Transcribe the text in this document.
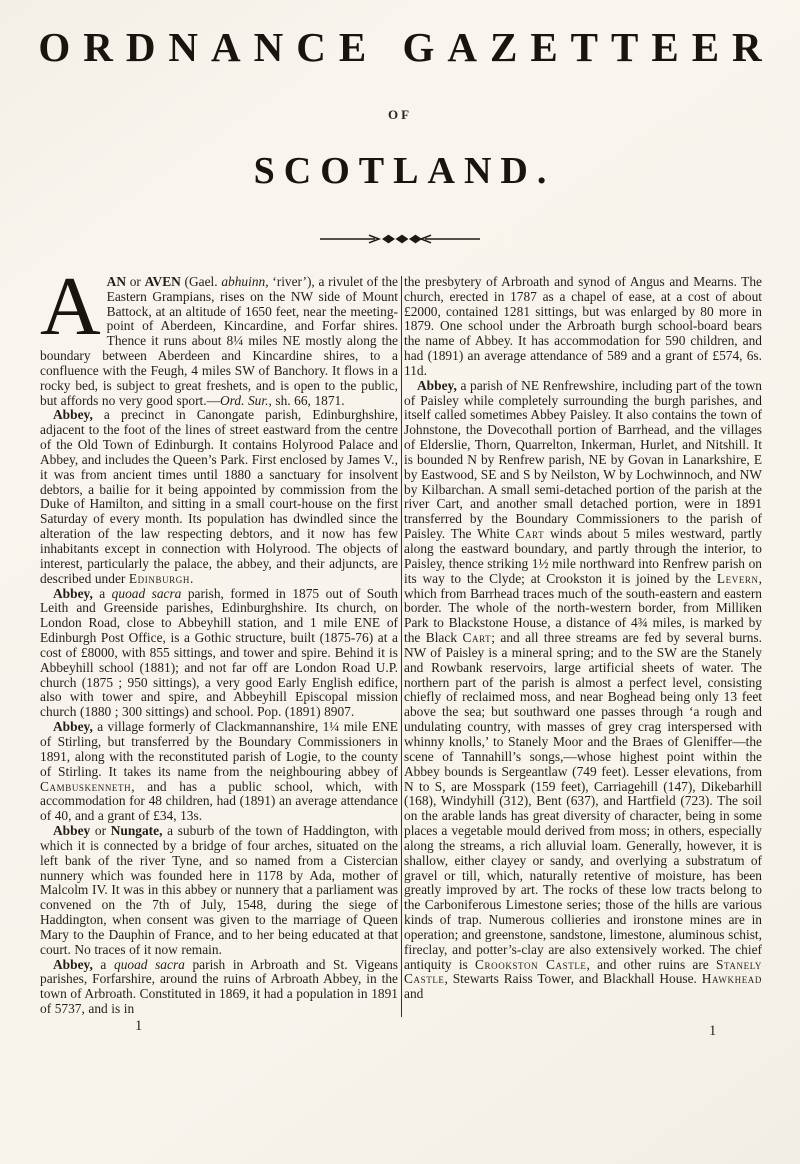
ORDNANCE GAZETTEER
OF
SCOTLAND.

AAN or AVEN (Gael. abhuinn, ‘river’), a rivulet of the Eastern Grampians, rises on the NW side of Mount Battock, at an altitude of 1650 feet, near the meeting-point of Aberdeen, Kincardine, and Forfar shires. Thence it runs about 8¼ miles NE mostly along the boundary between Aberdeen and Kincardine shires, to a confluence with the Feugh, 4 miles SW of Banchory. It flows in a rocky bed, is subject to great freshets, and is open to the public, but affords no very good sport.—Ord. Sur., sh. 66, 1871.

Abbey, a precinct in Canongate parish, Edinburghshire, adjacent to the foot of the lines of street eastward from the centre of the Old Town of Edinburgh. It contains Holyrood Palace and Abbey, and includes the Queen’s Park. First enclosed by James V., it was from ancient times until 1880 a sanctuary for insolvent debtors, a bailie for it being appointed by commission from the Duke of Hamilton, and sitting in a small court-house on the first Saturday of every month. Its population has dwindled since the alteration of the law respecting debtors, and it now has few inhabitants except in connection with Holyrood. The objects of interest, particularly the palace, the abbey, and their adjuncts, are described under Edinburgh.

Abbey, a quoad sacra parish, formed in 1875 out of South Leith and Greenside parishes, Edinburghshire. Its church, on London Road, close to Abbeyhill station, and 1 mile ENE of Edinburgh Post Office, is a Gothic structure, built (1875-76) at a cost of £8000, with 855 sittings, and tower and spire. Behind it is Abbeyhill school (1881); and not far off are London Road U.P. church (1875 ; 950 sittings), a very good Early English edifice, also with tower and spire, and Abbeyhill Episcopal mission church (1880 ; 300 sittings) and school. Pop. (1891) 8907.

Abbey, a village formerly of Clackmannanshire, 1¼ mile ENE of Stirling, but transferred by the Boundary Commissioners in 1891, along with the reconstituted parish of Logie, to the county of Stirling. It takes its name from the neighbouring abbey of Cambuskenneth, and has a public school, which, with accommodation for 48 children, had (1891) an average attendance of 40, and a grant of £34, 13s.

Abbey or Nungate, a suburb of the town of Haddington, with which it is connected by a bridge of four arches, situated on the left bank of the river Tyne, and so named from a Cistercian nunnery which was founded here in 1178 by Ada, mother of Malcolm IV. It was in this abbey or nunnery that a parliament was convened on the 7th of July, 1548, during the siege of Haddington, when consent was given to the marriage of Queen Mary to the Dauphin of France, and to her being educated at that court. No traces of it now remain.

Abbey, a quoad sacra parish in Arbroath and St. Vigeans parishes, Forfarshire, around the ruins of Arbroath Abbey, in the town of Arbroath. Constituted in 1869, it had a population in 1891 of 5737, and is in

the presbytery of Arbroath and synod of Angus and Mearns. The church, erected in 1787 as a chapel of ease, at a cost of about £2000, contained 1281 sittings, but was enlarged by 80 more in 1879. One school under the Arbroath burgh school-board bears the name of Abbey. It has accommodation for 590 children, and had (1891) an average attendance of 589 and a grant of £574, 6s. 11d.

Abbey, a parish of NE Renfrewshire, including part of the town of Paisley while completely surrounding the burgh parishes, and itself called sometimes Abbey Paisley. It also contains the town of Johnstone, the Dovecothall portion of Barrhead, and the villages of Elderslie, Thorn, Quarrelton, Inkerman, Hurlet, and Nitshill. It is bounded N by Renfrew parish, NE by Govan in Lanarkshire, E by Eastwood, SE and S by Neilston, W by Lochwinnoch, and NW by Kilbarchan. A small semi-detached portion of the parish at the river Cart, and another small detached portion, were in 1891 transferred by the Boundary Commissioners to the parish of Paisley. The White Cart winds about 5 miles westward, partly along the eastward boundary, and partly through the interior, to Paisley, thence striking 1½ mile northward into Renfrew parish on its way to the Clyde; at Crookston it is joined by the Levern, which from Barrhead traces much of the south-eastern and eastern border. The whole of the north-western border, from Milliken Park to Blackstone House, a distance of 4¾ miles, is marked by the Black Cart; and all three streams are fed by several burns. NW of Paisley is a mineral spring; and to the SW are the Stanely and Rowbank reservoirs, large artificial sheets of water. The northern part of the parish is almost a perfect level, consisting chiefly of reclaimed moss, and near Boghead being only 13 feet above the sea; but southward one passes through ‘a rough and undulating country, with masses of grey crag interspersed with whinny knolls,’ to Stanely Moor and the Braes of Gleniffer—the scene of Tannahill’s songs,—whose highest point within the Abbey bounds is Sergeantlaw (749 feet). Lesser elevations, from N to S, are Mosspark (159 feet), Carriagehill (147), Dikebarhill (168), Windyhill (312), Bent (637), and Hartfield (723). The soil on the arable lands has great diversity of character, being in some places a vegetable mould derived from moss; in others, especially along the streams, a rich alluvial loam. Generally, however, it is shallow, either clayey or sandy, and overlying a substratum of gravel or till, which, naturally retentive of moisture, has been greatly improved by art. The rocks of these low tracts belong to the Carboniferous Limestone series; those of the hills are various kinds of trap. Numerous collieries and ironstone mines are in operation; and greenstone, sandstone, limestone, aluminous schist, fireclay, and potter’s-clay are also extensively worked. The chief antiquity is Crookston Castle, and other ruins are Stanely Castle, Stewarts Raiss Tower, and Blackhall House. Hawkhead and

1	1
